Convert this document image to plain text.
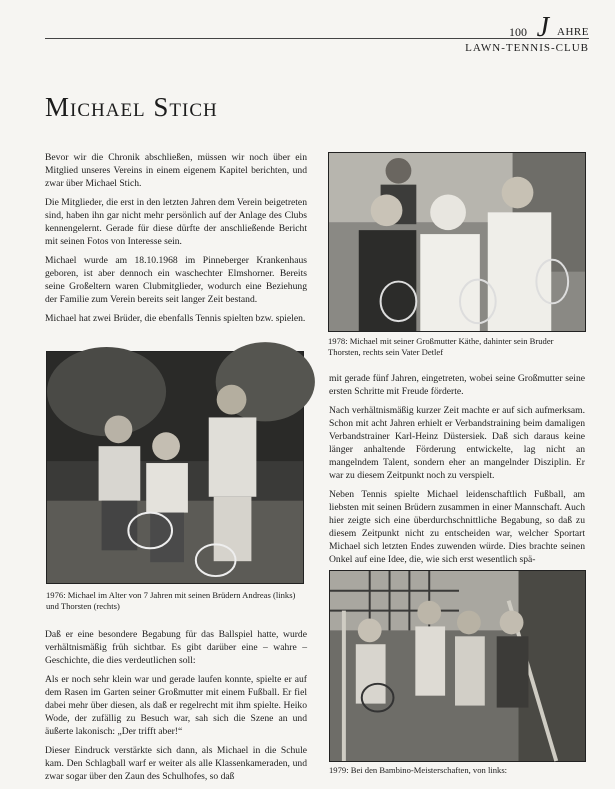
100 J AHRE
LAWN-TENNIS-CLUB
Michael Stich

Bevor wir die Chronik abschließen, müssen wir noch über ein Mitglied unseres Vereins in einem eigenem Kapitel berichten, und zwar über Michael Stich.

Die Mitglieder, die erst in den letzten Jahren dem Verein beigetreten sind, haben ihn gar nicht mehr persönlich auf der Anlage des Clubs kennengelernt. Gerade für diese dürfte der anschließende Bericht mit seinen Fotos von Interesse sein.

Michael wurde am 18.10.1968 im Pinneberger Krankenhaus geboren, ist aber dennoch ein waschechter Elmshorner. Bereits seine Großeltern waren Clubmitglieder, wodurch eine Beziehung der Familie zum Verein bereits seit langer Zeit bestand.

Michael hat zwei Brüder, die ebenfalls Tennis spielten bzw. spielen.

1976: Michael im Alter von 7 Jahren mit seinen Brüdern Andreas (links) und Thorsten (rechts)

Daß er eine besondere Begabung für das Ballspiel hatte, wurde verhältnismäßig früh sichtbar. Es gibt darüber eine – wahre – Geschichte, die dies verdeutlichen soll:

Als er noch sehr klein war und gerade laufen konnte, spielte er auf dem Rasen im Garten seiner Großmutter mit einem Fußball. Er fiel dabei mehr über diesen, als daß er regelrecht mit ihm spielte. Heiko Wode, der zufällig zu Besuch war, sah sich die Szene an und äußerte lakonisch: „Der trifft aber!“

Dieser Eindruck verstärkte sich dann, als Michael in die Schule kam. Den Schlagball warf er weiter als alle Klassenkameraden, und zwar sogar über den Zaun des Schulhofes, so daß

1978: Michael mit seiner Großmutter Käthe, dahinter sein Bruder Thorsten, rechts sein Vater Detlef

mit gerade fünf Jahren, eingetreten, wobei seine Großmutter seine ersten Schritte mit Freude förderte.

Nach verhältnismäßig kurzer Zeit machte er auf sich aufmerksam. Schon mit acht Jahren erhielt er Verbandstraining beim damaligen Verbandstrainer Karl-Heinz Düstersiek. Daß sich daraus keine länger anhaltende Förderung entwickelte, lag nicht an mangelndem Talent, sondern eher an mangelnder Disziplin. Er war zu diesem Zeitpunkt noch zu verspielt.

Neben Tennis spielte Michael leidenschaftlich Fußball, am liebsten mit seinen Brüdern zusammen in einer Mannschaft. Auch hier zeigte sich eine überdurchschnittliche Begabung, so daß zu diesem Zeitpunkt nicht zu entscheiden war, welcher Sportart Michael sich letzten Endes zuwenden würde. Dies brachte seinen Onkel auf eine Idee, die, wie sich erst wesentlich spä-

1979: Bei den Bambino-Meisterschaften, von links:
